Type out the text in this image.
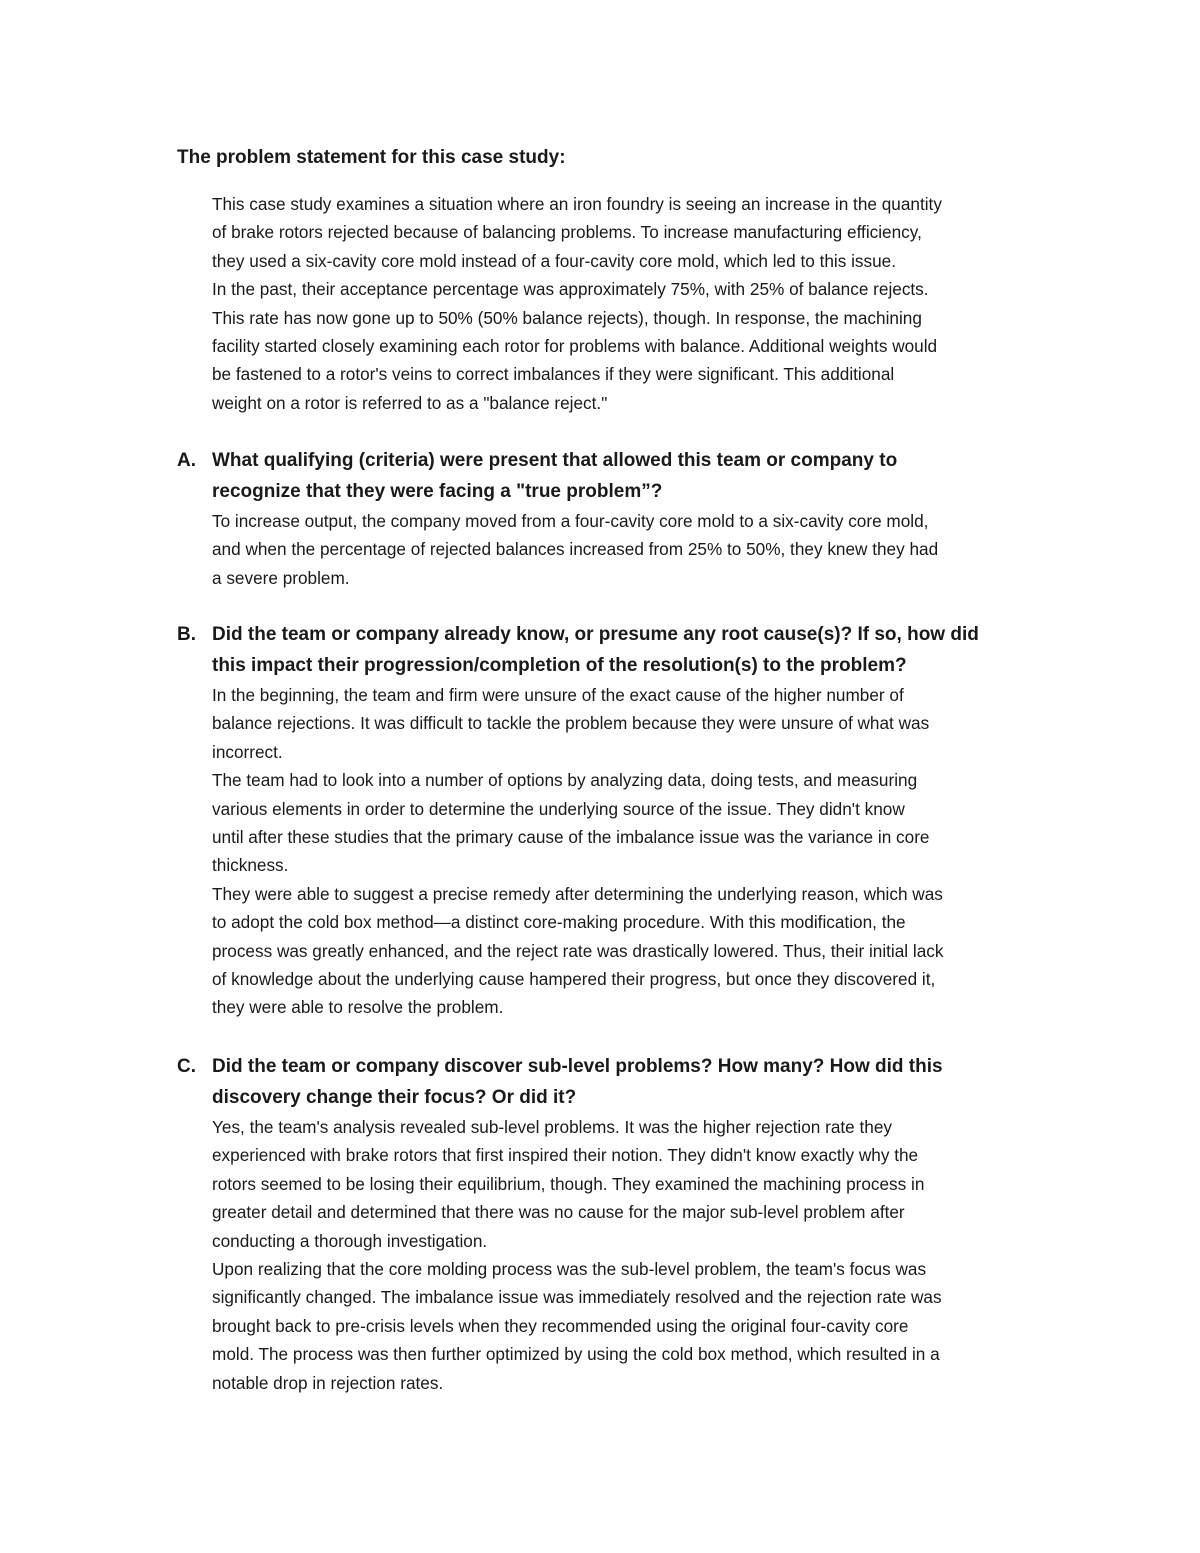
The problem statement for this case study:
This case study examines a situation where an iron foundry is seeing an increase in the quantity
of brake rotors rejected because of balancing problems. To increase manufacturing efficiency,
they used a six-cavity core mold instead of a four-cavity core mold, which led to this issue.
In the past, their acceptance percentage was approximately 75%, with 25% of balance rejects.
This rate has now gone up to 50% (50% balance rejects), though. In response, the machining
facility started closely examining each rotor for problems with balance. Additional weights would
be fastened to a rotor's veins to correct imbalances if they were significant. This additional
weight on a rotor is referred to as a "balance reject."
A. What qualifying (criteria) were present that allowed this team or company to
recognize that they were facing a "true problem”?
To increase output, the company moved from a four-cavity core mold to a six-cavity core mold,
and when the percentage of rejected balances increased from 25% to 50%, they knew they had
a severe problem.
B. Did the team or company already know, or presume any root cause(s)? If so, how did
this impact their progression/completion of the resolution(s) to the problem?
In the beginning, the team and firm were unsure of the exact cause of the higher number of
balance rejections. It was difficult to tackle the problem because they were unsure of what was
incorrect.
The team had to look into a number of options by analyzing data, doing tests, and measuring
various elements in order to determine the underlying source of the issue. They didn't know
until after these studies that the primary cause of the imbalance issue was the variance in core
thickness.
They were able to suggest a precise remedy after determining the underlying reason, which was
to adopt the cold box method—a distinct core-making procedure. With this modification, the
process was greatly enhanced, and the reject rate was drastically lowered. Thus, their initial lack
of knowledge about the underlying cause hampered their progress, but once they discovered it,
they were able to resolve the problem.
C. Did the team or company discover sub-level problems? How many? How did this
discovery change their focus? Or did it?
Yes, the team's analysis revealed sub-level problems. It was the higher rejection rate they
experienced with brake rotors that first inspired their notion. They didn't know exactly why the
rotors seemed to be losing their equilibrium, though. They examined the machining process in
greater detail and determined that there was no cause for the major sub-level problem after
conducting a thorough investigation.
Upon realizing that the core molding process was the sub-level problem, the team's focus was
significantly changed. The imbalance issue was immediately resolved and the rejection rate was
brought back to pre-crisis levels when they recommended using the original four-cavity core
mold. The process was then further optimized by using the cold box method, which resulted in a
notable drop in rejection rates.
